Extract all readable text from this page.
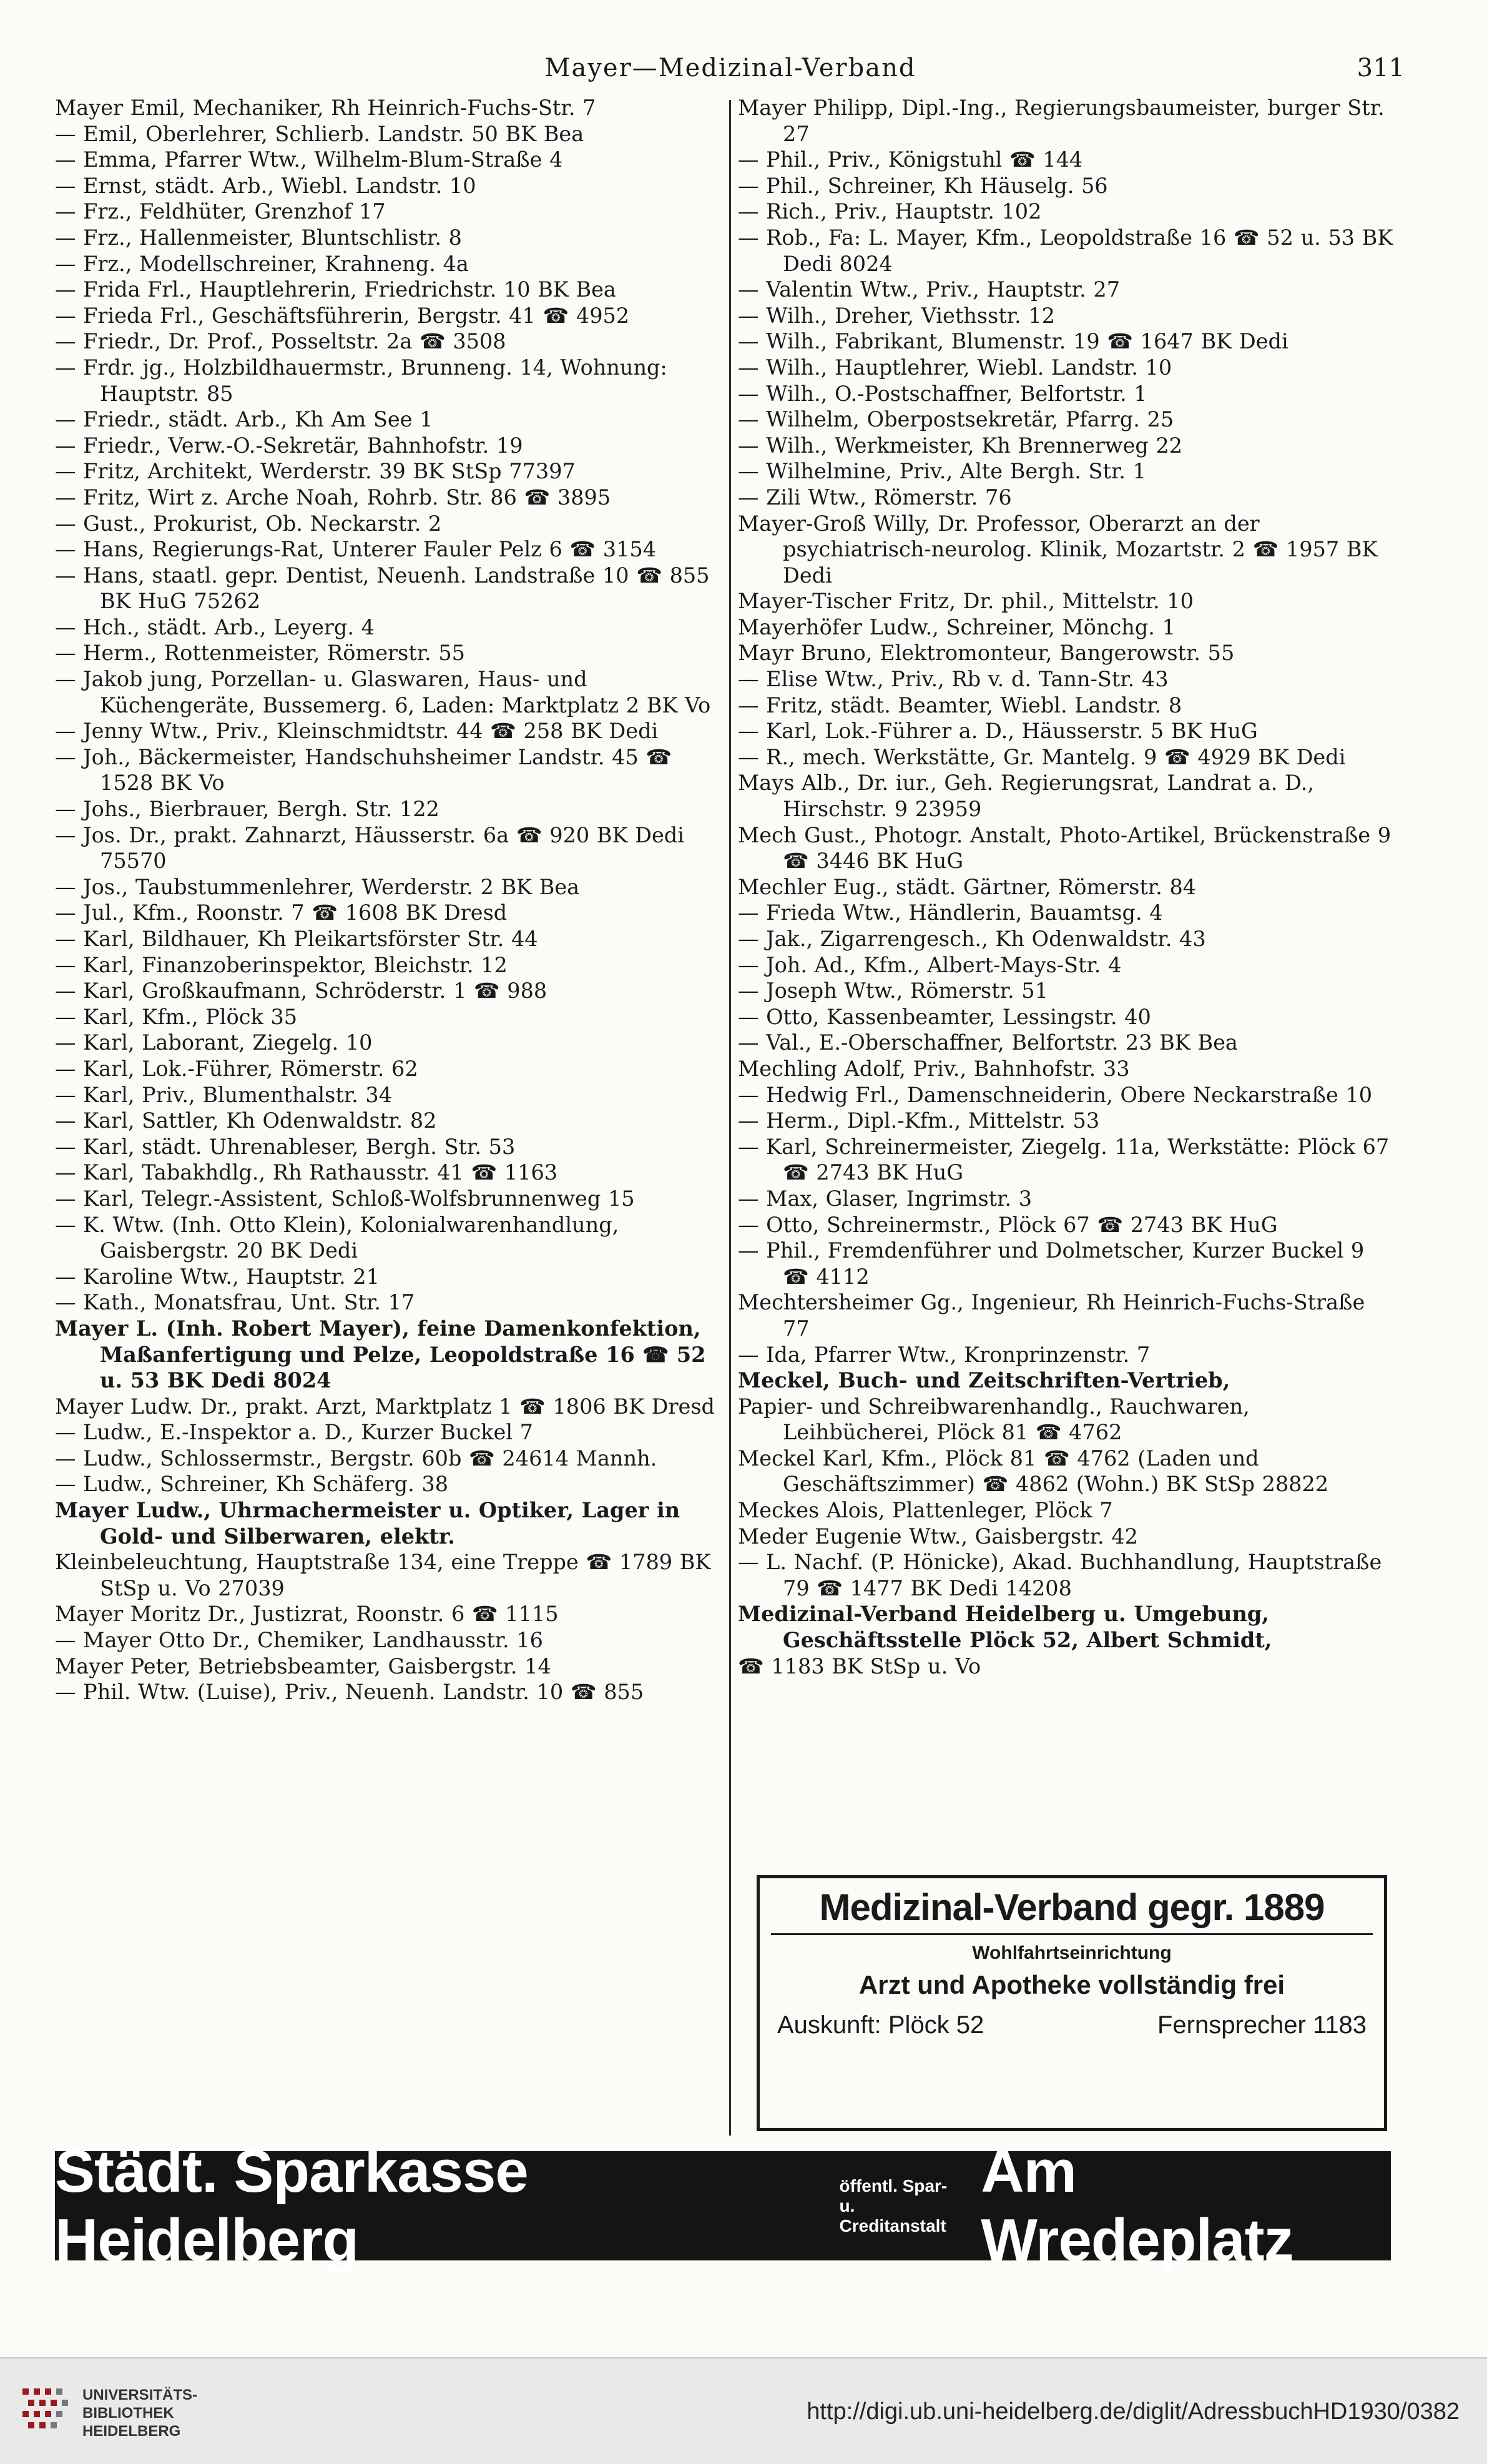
Mayer—Medizinal-Verband	311
Mayer Emil, Mechaniker, Rh Heinrich-Fuchs-Str. 7
— Emil, Oberlehrer, Schlierb. Landstr. 50 BK Bea
— Emma, Pfarrer Wtw., Wilhelm-Blum-Straße 4
— Ernst, städt. Arb., Wiebl. Landstr. 10
— Frz., Feldhüter, Grenzhof 17
— Frz., Hallenmeister, Bluntschlistr. 8
— Frz., Modellschreiner, Krahneng. 4a
— Frida Frl., Hauptlehrerin, Friedrichstr. 10 BK Bea
— Frieda Frl., Geschäftsführerin, Bergstr. 41 ☎ 4952
— Friedr., Dr. Prof., Posseltstr. 2a ☎ 3508
— Frdr. jg., Holzbildhauermstr., Brunneng. 14, Wohnung: Hauptstr. 85
— Friedr., städt. Arb., Kh Am See 1
— Friedr., Verw.-O.-Sekretär, Bahnhofstr. 19
— Fritz, Architekt, Werderstr. 39 BK StSp 77397
— Fritz, Wirt z. Arche Noah, Rohrb. Str. 86 ☎ 3895
— Gust., Prokurist, Ob. Neckarstr. 2
— Hans, Regierungs-Rat, Unterer Fauler Pelz 6 ☎ 3154
— Hans, staatl. gepr. Dentist, Neuenh. Landstraße 10 ☎ 855 BK HuG 75262
— Hch., städt. Arb., Leyerg. 4
— Herm., Rottenmeister, Römerstr. 55
— Jakob jung, Porzellan- u. Glaswaren, Haus- und Küchengeräte, Bussemerg. 6, Laden: Marktplatz 2 BK Vo
— Jenny Wtw., Priv., Kleinschmidtstr. 44 ☎ 258 BK Dedi
— Joh., Bäckermeister, Handschuhsheimer Landstr. 45 ☎ 1528 BK Vo
— Johs., Bierbrauer, Bergh. Str. 122
— Jos. Dr., prakt. Zahnarzt, Häusserstr. 6a ☎ 920 BK Dedi 75570
— Jos., Taubstummenlehrer, Werderstr. 2 BK Bea
— Jul., Kfm., Roonstr. 7 ☎ 1608 BK Dresd
— Karl, Bildhauer, Kh Pleikartsförster Str. 44
— Karl, Finanzoberinspektor, Bleichstr. 12
— Karl, Großkaufmann, Schröderstr. 1 ☎ 988
— Karl, Kfm., Plöck 35
— Karl, Laborant, Ziegelg. 10
— Karl, Lok.-Führer, Römerstr. 62
— Karl, Priv., Blumenthalstr. 34
— Karl, Sattler, Kh Odenwaldstr. 82
— Karl, städt. Uhrenableser, Bergh. Str. 53
— Karl, Tabakhdlg., Rh Rathausstr. 41 ☎ 1163
— Karl, Telegr.-Assistent, Schloß-Wolfsbrunnenweg 15
— K. Wtw. (Inh. Otto Klein), Kolonialwarenhandlung, Gaisbergstr. 20 BK Dedi
— Karoline Wtw., Hauptstr. 21
— Kath., Monatsfrau, Unt. Str. 17
Mayer L. (Inh. Robert Mayer), feine Damenkonfektion, Maßanfertigung und Pelze, Leopoldstraße 16 ☎ 52 u. 53 BK Dedi 8024
Mayer Ludw. Dr., prakt. Arzt, Marktplatz 1 ☎ 1806 BK Dresd
— Ludw., E.-Inspektor a. D., Kurzer Buckel 7
— Ludw., Schlossermstr., Bergstr. 60b ☎ 24614 Mannh.
— Ludw., Schreiner, Kh Schäferg. 38
Mayer Ludw., Uhrmachermeister u. Optiker, Lager in Gold- und Silberwaren, elektr.
Kleinbeleuchtung, Hauptstraße 134, eine Treppe ☎ 1789 BK StSp u. Vo 27039
Mayer Moritz Dr., Justizrat, Roonstr. 6 ☎ 1115
— Mayer Otto Dr., Chemiker, Landhausstr. 16
Mayer Peter, Betriebsbeamter, Gaisbergstr. 14
— Phil. Wtw. (Luise), Priv., Neuenh. Landstr. 10 ☎ 855
Mayer Philipp, Dipl.-Ing., Regierungsbaumeister, burger Str. 27
— Phil., Priv., Königstuhl ☎ 144
— Phil., Schreiner, Kh Häuselg. 56
— Rich., Priv., Hauptstr. 102
— Rob., Fa: L. Mayer, Kfm., Leopoldstraße 16 ☎ 52 u. 53 BK Dedi 8024
— Valentin Wtw., Priv., Hauptstr. 27
— Wilh., Dreher, Viethsstr. 12
— Wilh., Fabrikant, Blumenstr. 19 ☎ 1647 BK Dedi
— Wilh., Hauptlehrer, Wiebl. Landstr. 10
— Wilh., O.-Postschaffner, Belfortstr. 1
— Wilhelm, Oberpostsekretär, Pfarrg. 25
— Wilh., Werkmeister, Kh Brennerweg 22
— Wilhelmine, Priv., Alte Bergh. Str. 1
— Zili Wtw., Römerstr. 76
Mayer-Groß Willy, Dr. Professor, Oberarzt an der psychiatrisch-neurolog. Klinik, Mozartstr. 2 ☎ 1957 BK Dedi
Mayer-Tischer Fritz, Dr. phil., Mittelstr. 10
Mayerhöfer Ludw., Schreiner, Mönchg. 1
Mayr Bruno, Elektromonteur, Bangerowstr. 55
— Elise Wtw., Priv., Rb v. d. Tann-Str. 43
— Fritz, städt. Beamter, Wiebl. Landstr. 8
— Karl, Lok.-Führer a. D., Häusserstr. 5 BK HuG
— R., mech. Werkstätte, Gr. Mantelg. 9 ☎ 4929 BK Dedi
Mays Alb., Dr. iur., Geh. Regierungsrat, Landrat a. D., Hirschstr. 9 23959
Mech Gust., Photogr. Anstalt, Photo-Artikel, Brückenstraße 9 ☎ 3446 BK HuG
Mechler Eug., städt. Gärtner, Römerstr. 84
— Frieda Wtw., Händlerin, Bauamtsg. 4
— Jak., Zigarrengesch., Kh Odenwaldstr. 43
— Joh. Ad., Kfm., Albert-Mays-Str. 4
— Joseph Wtw., Römerstr. 51
— Otto, Kassenbeamter, Lessingstr. 40
— Val., E.-Oberschaffner, Belfortstr. 23 BK Bea
Mechling Adolf, Priv., Bahnhofstr. 33
— Hedwig Frl., Damenschneiderin, Obere Neckarstraße 10
— Herm., Dipl.-Kfm., Mittelstr. 53
— Karl, Schreinermeister, Ziegelg. 11a, Werkstätte: Plöck 67 ☎ 2743 BK HuG
— Max, Glaser, Ingrimstr. 3
— Otto, Schreinermstr., Plöck 67 ☎ 2743 BK HuG
— Phil., Fremdenführer und Dolmetscher, Kurzer Buckel 9 ☎ 4112
Mechtersheimer Gg., Ingenieur, Rh Heinrich-Fuchs-Straße 77
— Ida, Pfarrer Wtw., Kronprinzenstr. 7
Meckel, Buch- und Zeitschriften-Vertrieb,
Papier- und Schreibwarenhandlg., Rauchwaren, Leihbücherei, Plöck 81 ☎ 4762
Meckel Karl, Kfm., Plöck 81 ☎ 4762 (Laden und Geschäftszimmer) ☎ 4862 (Wohn.) BK StSp 28822
Meckes Alois, Plattenleger, Plöck 7
Meder Eugenie Wtw., Gaisbergstr. 42
— L. Nachf. (P. Hönicke), Akad. Buchhandlung, Hauptstraße 79 ☎ 1477 BK Dedi 14208
Medizinal-Verband Heidelberg u. Umgebung, Geschäftsstelle Plöck 52, Albert Schmidt,
☎ 1183 BK StSp u. Vo
Medizinal-Verband gegr. 1889
Wohlfahrtseinrichtung
Arzt und Apotheke vollständig frei
Auskunft: Plöck 52	Fernsprecher 1183
Städt. Sparkasse Heidelberg
öffentl. Spar- u.
Creditanstalt
Am Wredeplatz
UNIVERSITÄTS-
BIBLIOTHEK
HEIDELBERG
http://digi.ub.uni-heidelberg.de/diglit/AdressbuchHD1930/0382
